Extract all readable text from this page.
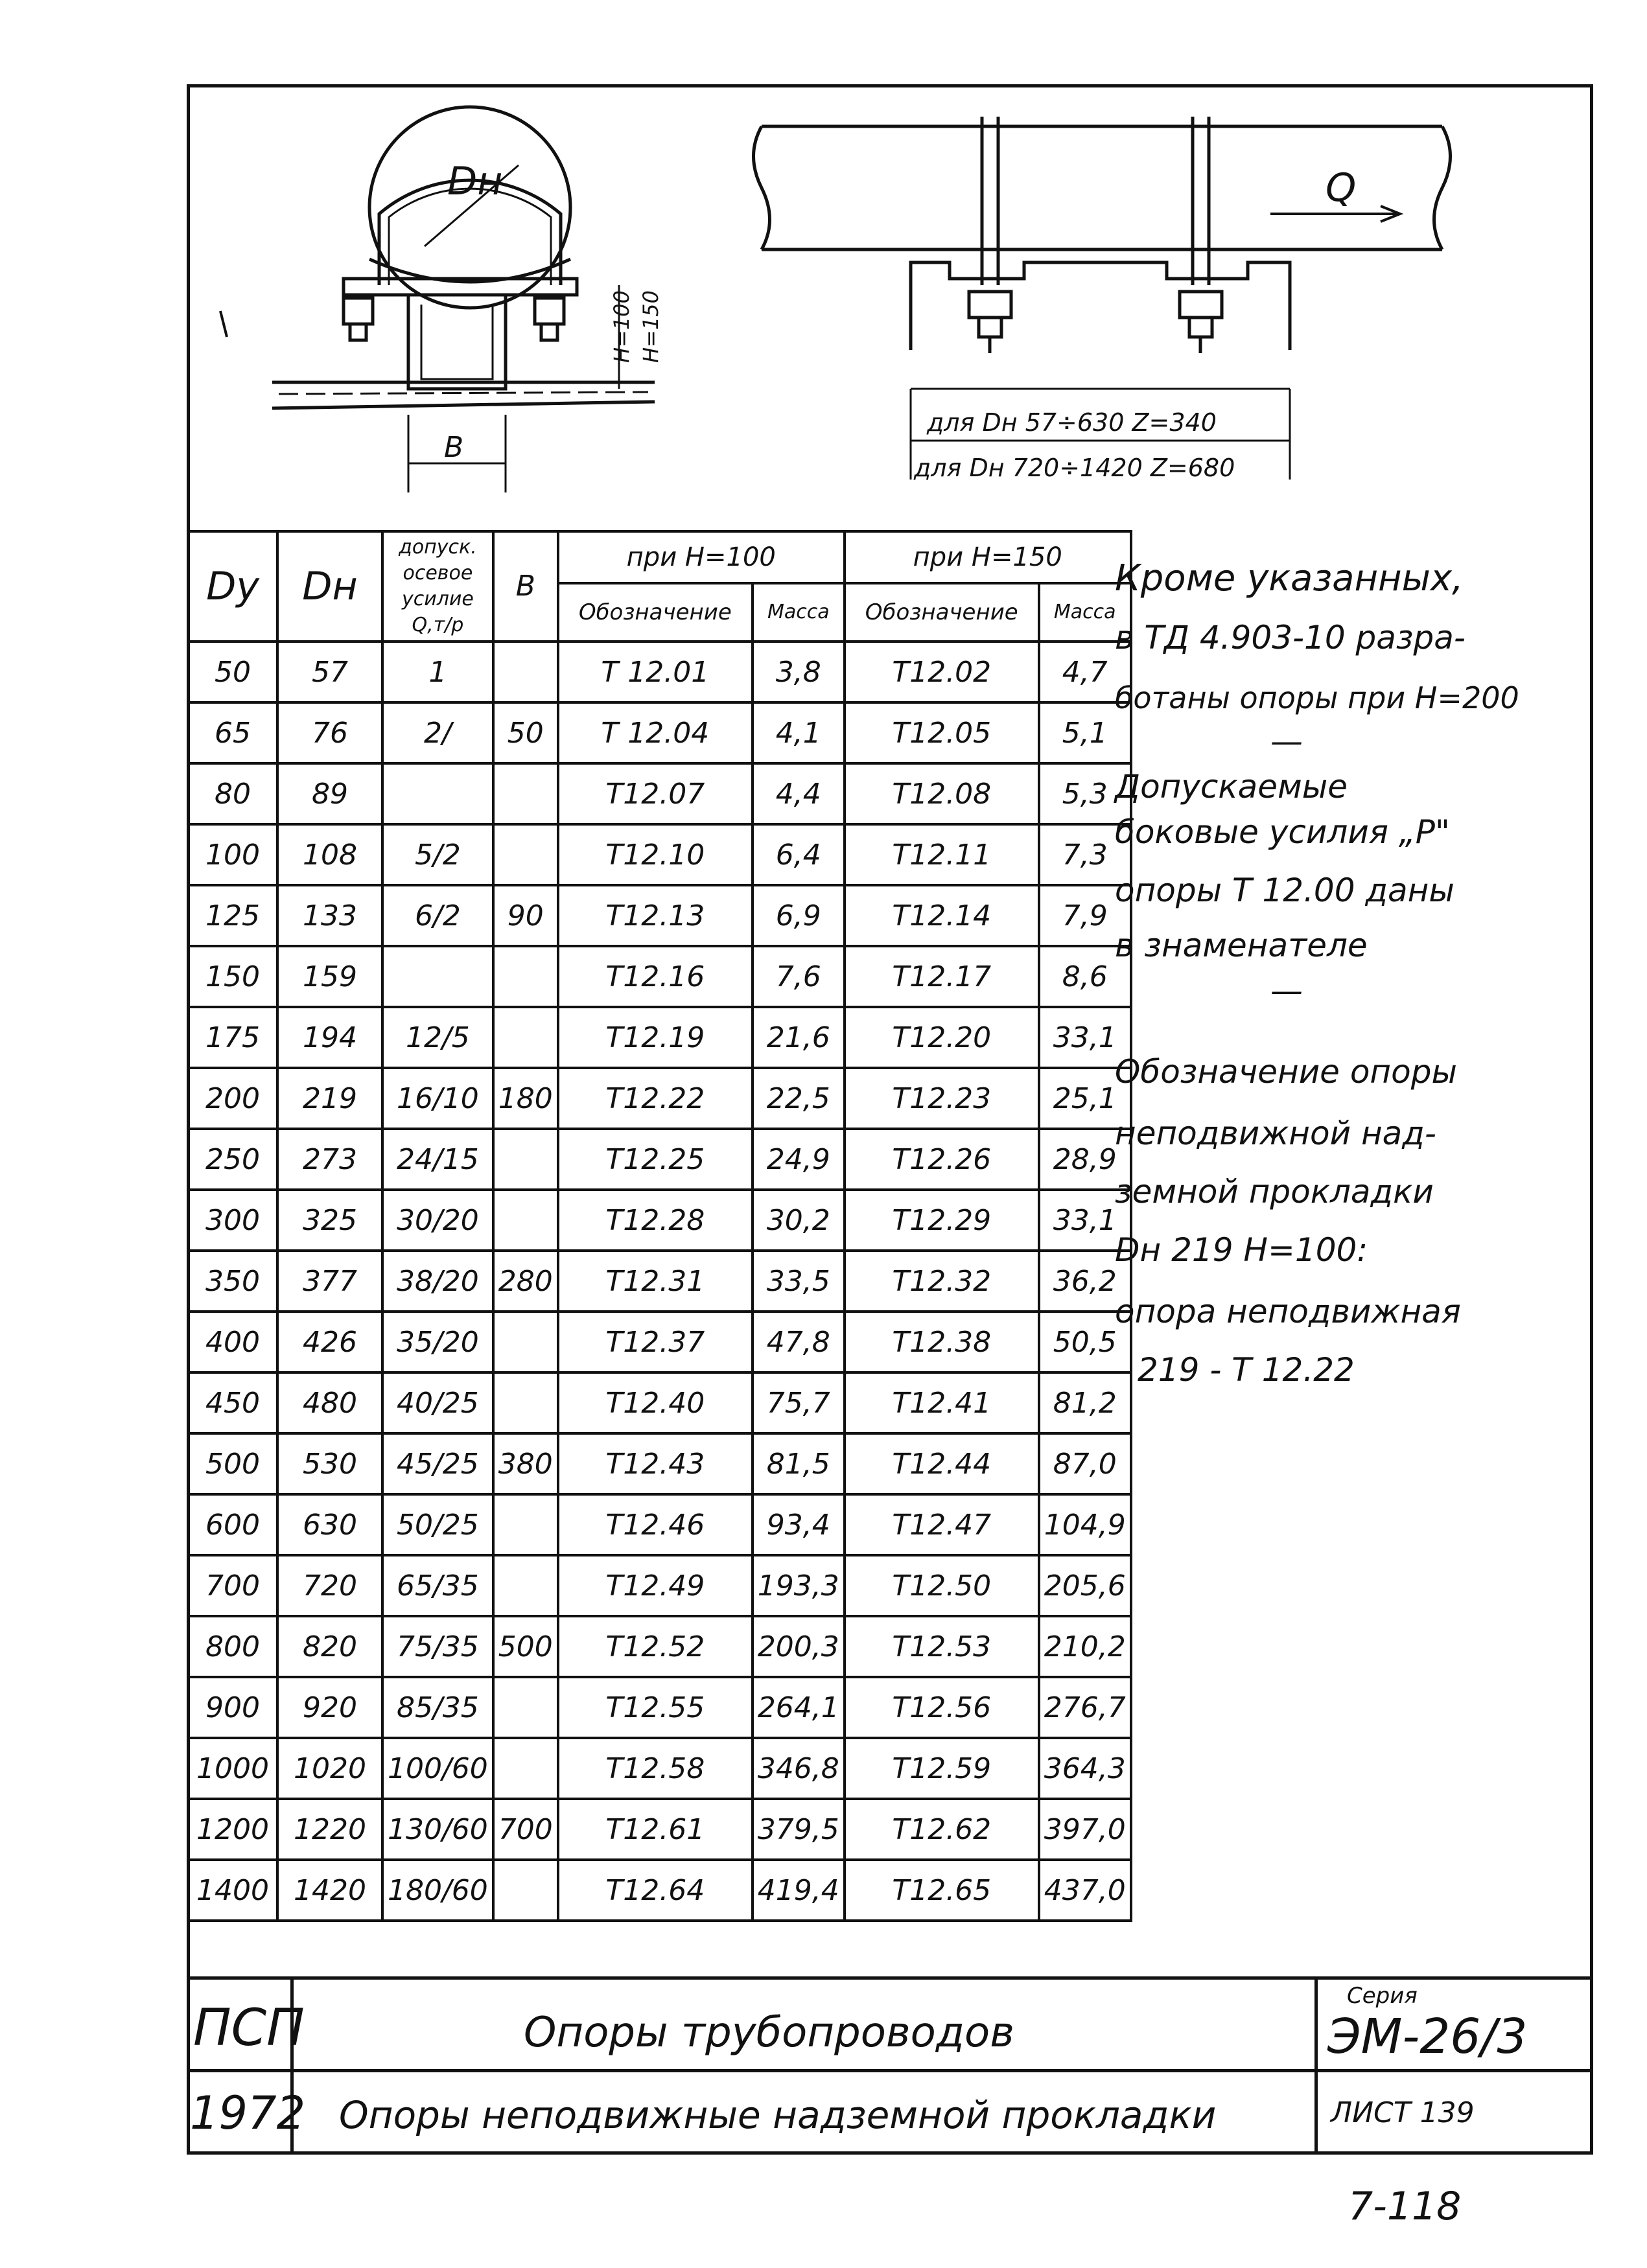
Dн
H=100 H=150
B
Q
для Dн 57÷630 Z=340
для Dн 720÷1420 Z=680
Dy	Dн	допуск. осевое усилие Q,т/р	B	при H=100		при H=150	
				Обозначение	Масса	Обозначение	Масса
50	57	1		T 12.01	3,8	T12.02	4,7
65	76	2/	50	T 12.04	4,1	T12.05	5,1
80	89			T12.07	4,4	T12.08	5,3
100	108	5/2		T12.10	6,4	T12.11	7,3
125	133	6/2	90	T12.13	6,9	T12.14	7,9
150	159			T12.16	7,6	T12.17	8,6
175	194	12/5		T12.19	21,6	T12.20	33,1
200	219	16/10	180	T12.22	22,5	T12.23	25,1
250	273	24/15		T12.25	24,9	T12.26	28,9
300	325	30/20		T12.28	30,2	T12.29	33,1
350	377	38/20	280	T12.31	33,5	T12.32	36,2
400	426	35/20		T12.37	47,8	T12.38	50,5
450	480	40/25		T12.40	75,7	T12.41	81,2
500	530	45/25	380	T12.43	81,5	T12.44	87,0
600	630	50/25		T12.46	93,4	T12.47	104,9
700	720	65/35		T12.49	193,3	T12.50	205,6
800	820	75/35	500	T12.52	200,3	T12.53	210,2
900	920	85/35		T12.55	264,1	T12.56	276,7
1000	1020	100/60		T12.58	346,8	T12.59	364,3
1200	1220	130/60	700	T12.61	379,5	T12.62	397,0
1400	1420	180/60		T12.64	419,4	T12.65	437,0
Кроме указанных,
в ТД 4.903-10 разра-
ботаны опоры при H=200
—
Допускаемые
боковые усилия „P"
опоры T 12.00 даны
в знаменателе
—
Обозначение опоры
неподвижной над-
земной прокладки
Dн 219 H=100:
опора неподвижная
219 - T 12.22
ПСП
1972
Опоры трубопроводов
Опоры неподвижные надземной прокладки
Серия
ЭМ-26/3
ЛИСТ 139
7-118
